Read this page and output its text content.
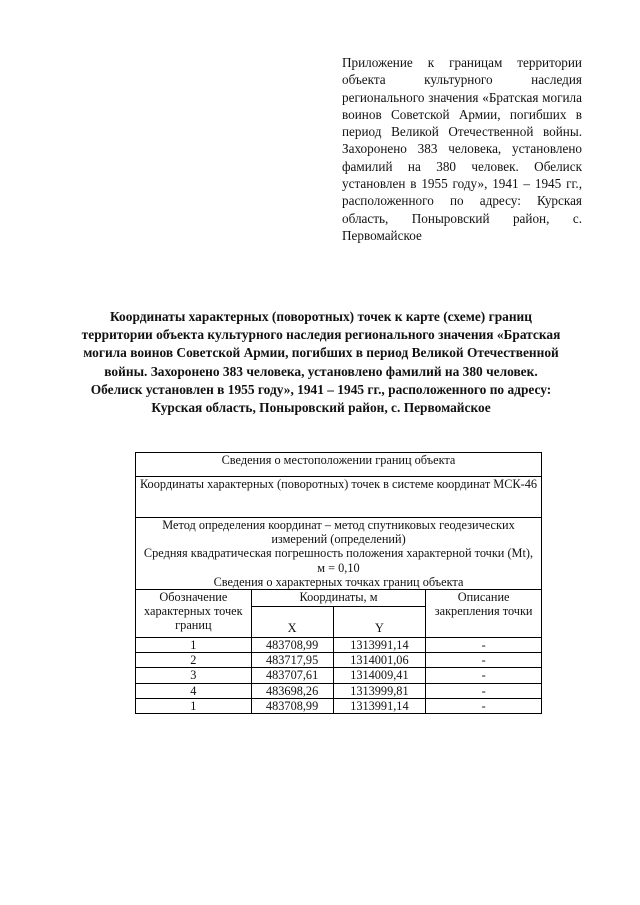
Приложение к границам территории объекта культурного наследия регионального значения «Братская могила воинов Советской Армии, погибших в период Великой Отечественной войны. Захоронено 383 человека, установлено фамилий на 380 человек. Обелиск установлен в 1955 году», 1941 – 1945 гг., расположенного по адресу: Курская область, Поныровский район, с. Первомайское
Координаты характерных (поворотных) точек к карте (схеме) границ территории объекта культурного наследия регионального значения «Братская могила воинов Советской Армии, погибших в период Великой Отечественной войны. Захоронено 383 человека, установлено фамилий на 380 человек. Обелиск установлен в 1955 году», 1941 – 1945 гг., расположенного по адресу: Курская область, Поныровский район, с. Первомайское
Сведения о местоположении границ объекта			
Координаты характерных (поворотных) точек в системе координат МСК-46			

Метод определения координат – метод спутниковых геодезических измерений (определений)
Средняя квадратическая погрешность положения характерной точки (Mt), м = 0,10
Сведения о характерных точках границ объекта			

Обозначение характерных точек границ	Координаты, м		Описание закрепления точки
	X	Y	
1	483708,99	1313991,14	-
2	483717,95	1314001,06	-
3	483707,61	1314009,41	-
4	483698,26	1313999,81	-
1	483708,99	1313991,14	-
